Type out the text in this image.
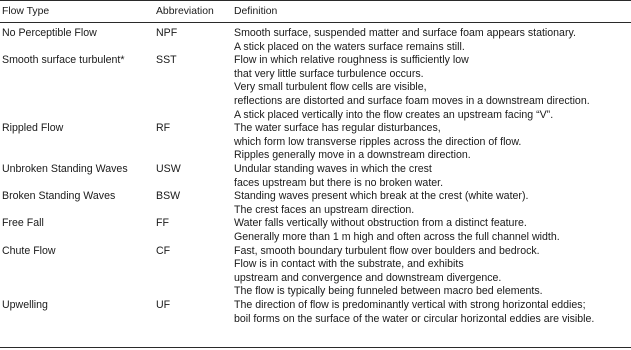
Flow Type	Abbreviation Definition
No Perceptible Flow	NPF	Smooth surface, suspended matter and surface foam appears stationary.
A stick placed on the waters surface remains still.
Smooth surface turbulent*	SST	Flow in which relative roughness is sufficiently low
that very little surface turbulence occurs.
Very small turbulent flow cells are visible,
reflections are distorted and surface foam moves in a downstream direction.
A stick placed vertically into the flow creates an upstream facing “V”.
Rippled Flow	RF	The water surface has regular disturbances,
which form low transverse ripples across the direction of flow.
Ripples generally move in a downstream direction.
Unbroken Standing Waves	USW	Undular standing waves in which the crest
faces upstream but there is no broken water.
Broken Standing Waves	BSW	Standing waves present which break at the crest (white water).
The crest faces an upstream direction.
Free Fall	FF	Water falls vertically without obstruction from a distinct feature.
Generally more than 1 m high and often across the full channel width.
Chute Flow	CF	Fast, smooth boundary turbulent flow over boulders and bedrock.
Flow is in contact with the substrate, and exhibits
upstream and convergence and downstream divergence.
The flow is typically being funneled between macro bed elements.
Upwelling	UF	The direction of flow is predominantly vertical with strong horizontal eddies;
boil forms on the surface of the water or circular horizontal eddies are visible.
